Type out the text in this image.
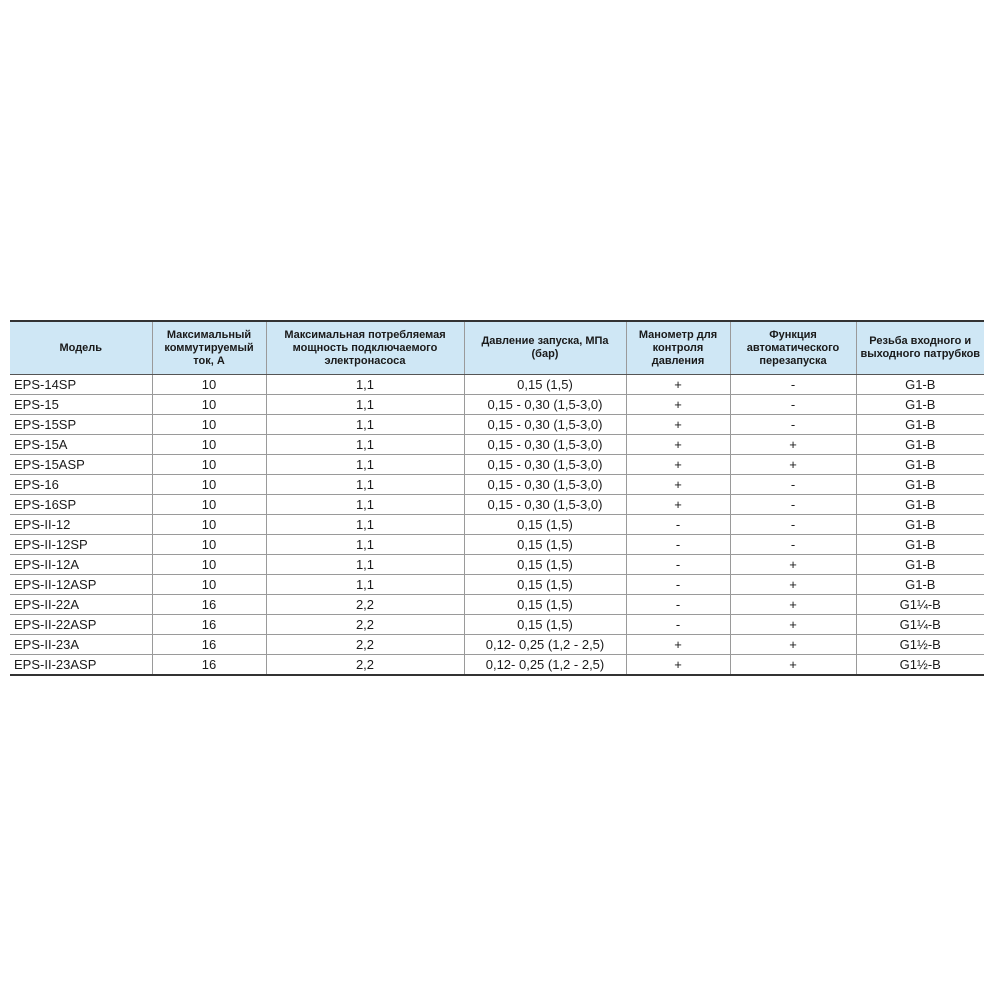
Модель	Максимальный коммутируемый ток, А	Максимальная потребляемая мощность подключаемого электронасоса	Давление запуска, МПа (бар)	Манометр для контроля давления	Функция автоматического перезапуска	Резьба входного и выходного патрубков
EPS-14SP	10	1,1	0,15 (1,5)	+	-	G1-B
EPS-15	10	1,1	0,15 - 0,30 (1,5-3,0)	+	-	G1-B
EPS-15SP	10	1,1	0,15 - 0,30 (1,5-3,0)	+	-	G1-B
EPS-15A	10	1,1	0,15 - 0,30 (1,5-3,0)	+	+	G1-B
EPS-15ASP	10	1,1	0,15 - 0,30 (1,5-3,0)	+	+	G1-B
EPS-16	10	1,1	0,15 - 0,30 (1,5-3,0)	+	-	G1-B
EPS-16SP	10	1,1	0,15 - 0,30 (1,5-3,0)	+	-	G1-B
EPS-II-12	10	1,1	0,15 (1,5)	-	-	G1-B
EPS-II-12SP	10	1,1	0,15 (1,5)	-	-	G1-B
EPS-II-12A	10	1,1	0,15 (1,5)	-	+	G1-B
EPS-II-12ASP	10	1,1	0,15 (1,5)	-	+	G1-B
EPS-II-22A	16	2,2	0,15 (1,5)	-	+	G1¼-B
EPS-II-22ASP	16	2,2	0,15 (1,5)	-	+	G1¼-B
EPS-II-23A	16	2,2	0,12- 0,25 (1,2 - 2,5)	+	+	G1½-B
EPS-II-23ASP	16	2,2	0,12- 0,25 (1,2 - 2,5)	+	+	G1½-B
